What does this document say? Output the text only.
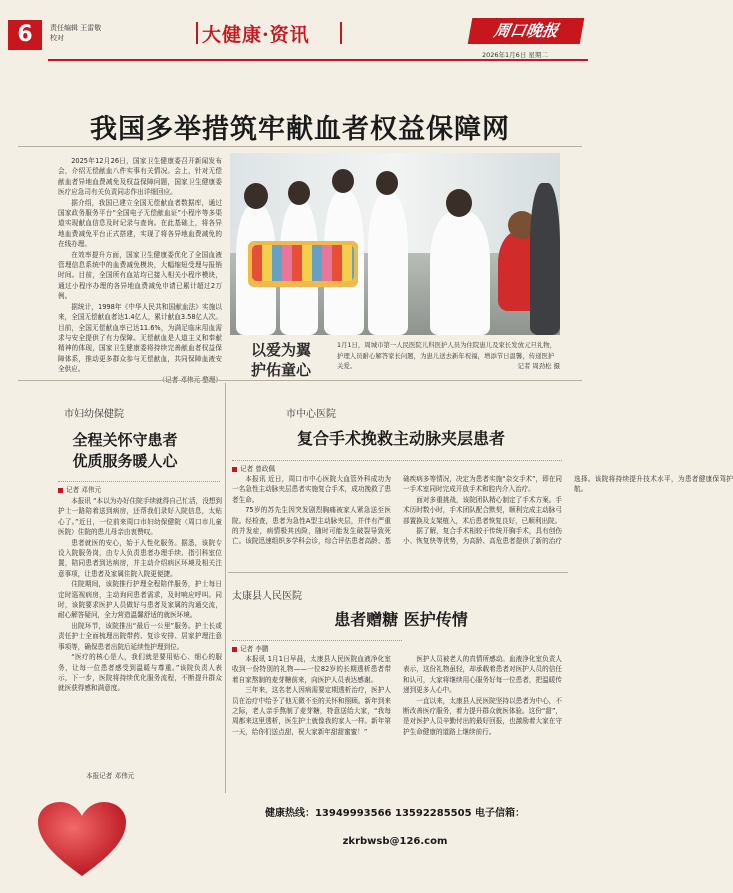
6	责任编辑 王雷敬
校对	大健康·资讯	周口晚报
2026年1月6日 星期二
我国多举措筑牢献血者权益保障网

2025年12月26日，国家卫生健康委召开新闻发布会，介绍无偿献血八件实事有关情况。会上，针对无偿献血者异地血费减免及权益保障问题，国家卫生健康委医疗应急司有关负责同志作出详细回应。

据介绍，我国已建立全国无偿献血者数据库，通过国家政务服务平台“全国电子无偿献血证”小程序等多渠道实现献血信息及时记录与查询。在此基础上，将各异地血费减免平台正式搭建，实现了将各异地血费减免的在线办理。

在效率提升方面，国家卫生健康委优化了全国血液管理信息系统中的血费减免模块，大幅缩短受理与报销时间。目前，全国所有血站均已接入相关小程序模块，通过小程序办理的各异地血费减免申请已累计超过2万例。

据统计，1998年《中华人民共和国献血法》实施以来，全国无偿献血者达1.4亿人，累计献血3.58亿人次。目前，全国无偿献血率已达11.6%，为满足临床用血需求与安全提供了有力保障。无偿献血是人道主义和奉献精神的体现，国家卫生健康委将持续完善献血者权益保障体系，推动更多群众参与无偿献血，共同保障血液安全供应。

以爱为翼
护佑童心
1月1日，周城市第一人民医院儿科医护人员为住院患儿及家长发放元旦礼物，护理人员耐心解答家长问题，为患儿送去新年祝福，增添节日温馨，传递医护关爱。	记者 周劲松 摄
市妇幼保健院
全程关怀守患者
优质服务暖人心
记者 邓伟元

本报讯 “本以为办好住院手续就得自己忙活，没想到护士一路陪着送到病房，还帮我们录好入院信息，太贴心了。”近日，一位前来周口市妇幼保健院（周口市儿童医院）住院的患儿母亲由衷赞叹。

患者就医的安心，始于人性化服务。据悉，该院专设入院服务岗，由专人负责患者办理手续、指引科室位置，陪同患者到达病房，并主动介绍病区环境及相关注意事项，让患者及家属住院入院更便捷。

住院期间，该院推行护理全程陪伴服务，护士每日定时巡视病房，主动询问患者需求，及时响应呼叫。同时，该院要求医护人员做好与患者及家属的沟通交流，耐心解答疑问，全力营造温馨舒适的就医环境。

出院环节，该院推出“最后一公里”服务。护士长或责任护士全面梳理出院带药、复诊安排、居家护理注意事项等，确保患者出院后延续性护理到位。

“医疗的核心是人，我们就是要用贴心、细心的服务，让每一位患者感受到温暖与尊重。”该院负责人表示，下一步，医院将持续优化服务流程，不断提升群众就医获得感和满意度。

本报记者 邓伟元
市中心医院
复合手术挽救主动脉夹层患者
记者 曾政佩

本报讯 近日，周口市中心医院大血管外科成功为一名急性主动脉夹层患者实施复合手术，成功挽救了患者生命。

75岁的苏先生因突发剧烈胸痛被家人紧急送至医院。经检查，患者为急性A型主动脉夹层，并伴有严重的并发症，病情极其凶险，随时可能发生破裂导致死亡。该院迅速组织多学科会诊，综合评估患者高龄、基础疾病多等情况，决定为患者实施“杂交手术”，即在同一手术室同时完成开放手术和腔内介入治疗。

面对多重挑战，该院团队精心制定了手术方案。手术历时数小时，手术团队配合默契，顺利完成主动脉弓部置换及支架植入，术后患者恢复良好，已顺利出院。

据了解，复合手术相较于传统开胸手术，具有创伤小、恢复快等优势，为高龄、高危患者提供了新的治疗选择。该院将持续提升技术水平，为患者健康保驾护航。

太康县人民医院
患者赠糖 医护传情
记者 李鹏

本报讯 1月1日早晨，太康县人民医院血液净化室收到一份特别的礼物——一位82岁的长期透析患者带着自家熬制的麦芽糖前来，向医护人员表达感谢。

三年来，这名老人因病需要定期透析治疗，医护人员在治疗中给予了他无微不至的关怀和照顾。新年到来之际，老人亲手熬制了麦芽糖，特意送给大家，“我每周都来这里透析，医生护士就像我的家人一样。新年第一天，给你们送点甜，祝大家新年甜甜蜜蜜！”

医护人员被老人的真情所感动。血液净化室负责人表示，这份礼物虽轻，却承载着患者对医护人员的信任和认可，大家将继续用心服务好每一位患者，把温暖传递到更多人心中。

一直以来，太康县人民医院坚持以患者为中心，不断改善医疗服务，着力提升群众就医体验。这份“甜”，是对医护人员辛勤付出的最好回报，也激励着大家在守护生命健康的道路上继续前行。

健康热线：13949993566 13592285505 电子信箱：zkrbwsb@126.com
